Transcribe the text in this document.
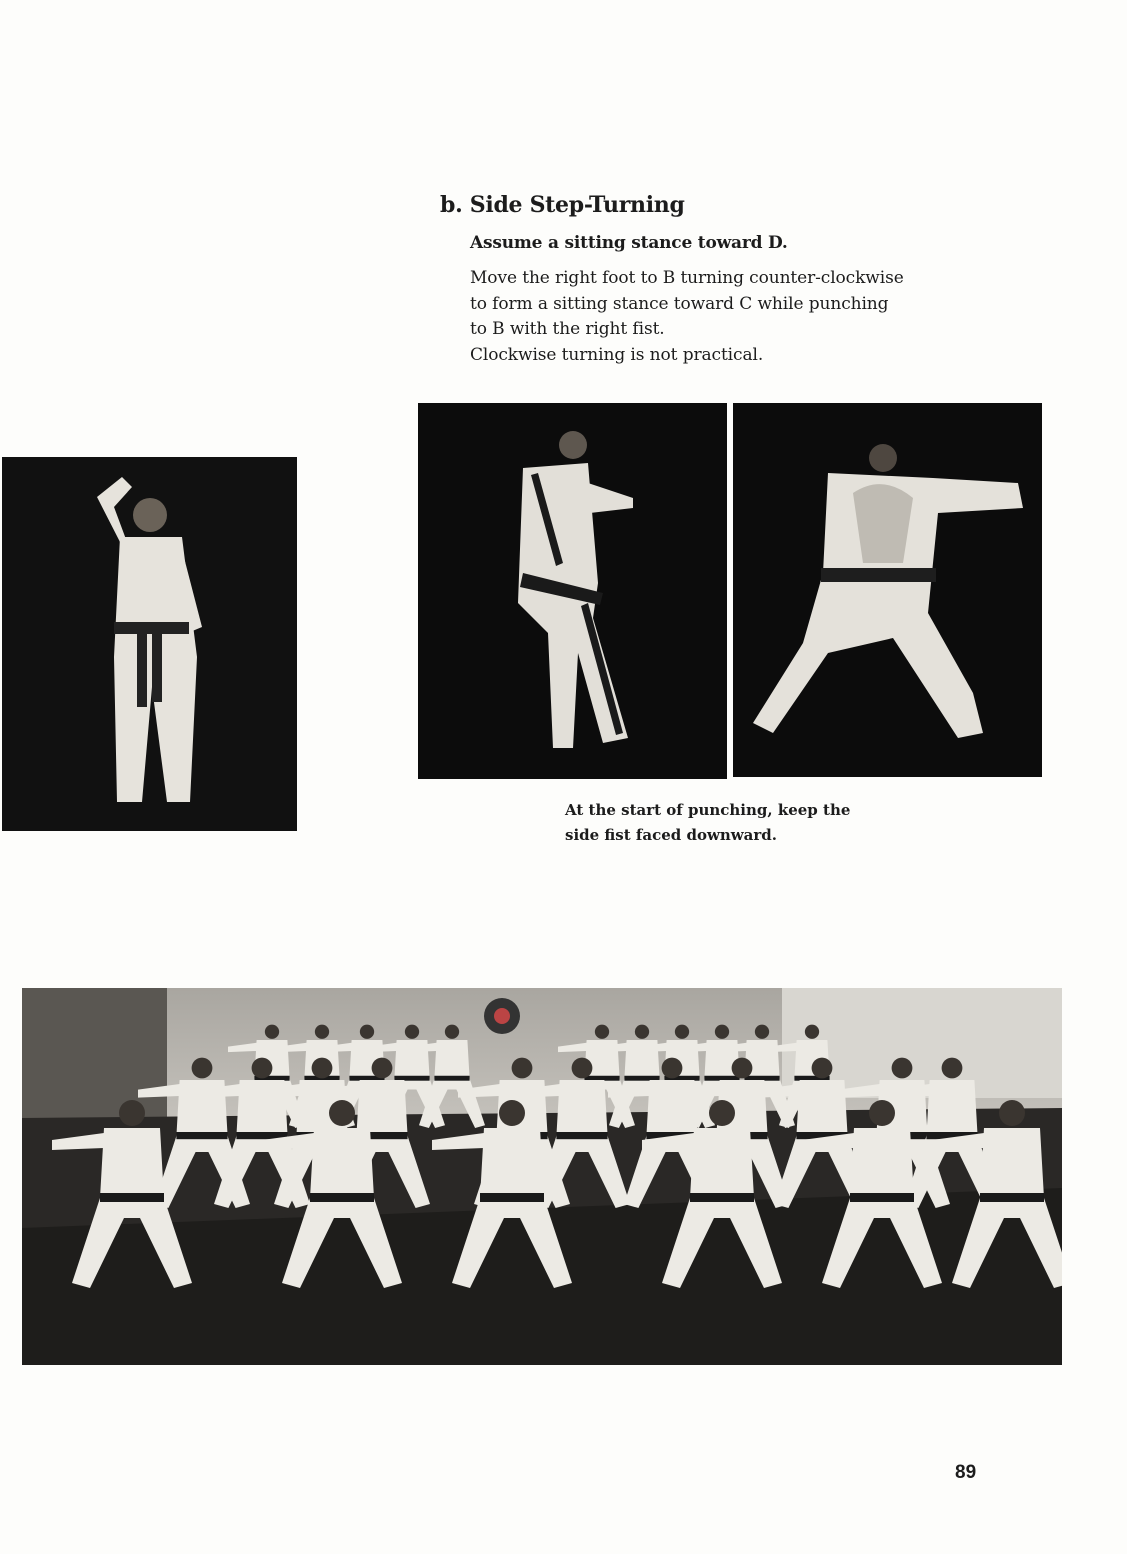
b. Side Step-Turning
Assume a sitting stance toward D.
Move the right foot to B turning counter-clockwise
to form a sitting stance toward C while punching
to B with the right fist.
Clockwise turning is not practical.
At the start of punching, keep the
side fist faced downward.
89
